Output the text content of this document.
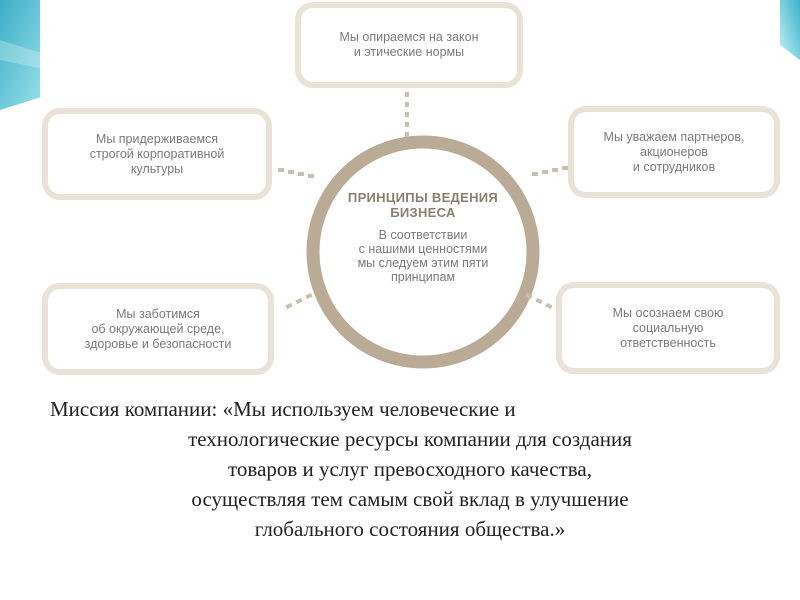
Мы опираемся на закон
и этические нормы
Мы придерживаемся
строгой корпоративной
культуры
Мы уважаем партнеров,
акционеров
и сотрудников
Мы заботимся
об окружающей среде,
здоровье и безопасности
Мы осознаем свою
социальную
ответственность
ПРИНЦИПЫ ВЕДЕНИЯ
БИЗНЕСА
В соответствии
с нашими ценностями
мы следуем этим пяти
принципам
Миссия компании: «Мы используем человеческие и
технологические ресурсы компании для создания
товаров и услуг превосходного качества,
осуществляя тем самым свой вклад в улучшение
глобального состояния общества.»
